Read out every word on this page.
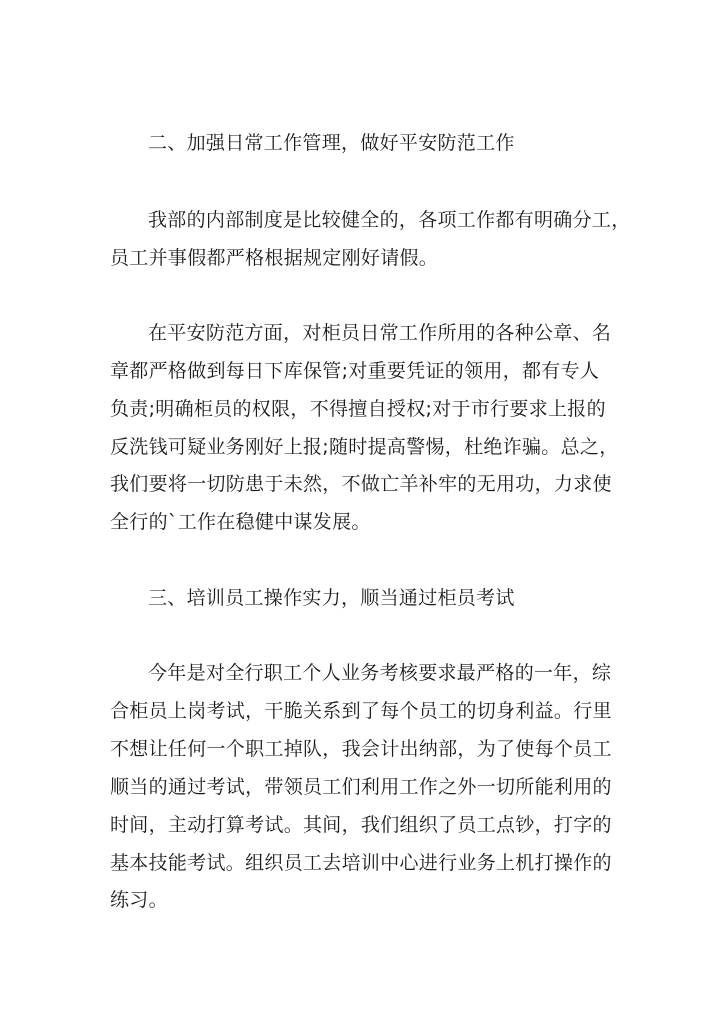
二、加强日常工作管理，做好平安防范工作
我部的内部制度是比较健全的，各项工作都有明确分工，
员工并事假都严格根据规定刚好请假。
在平安防范方面，对柜员日常工作所用的各种公章、名
章都严格做到每日下库保管;对重要凭证的领用，都有专人
负责;明确柜员的权限，不得擅自授权;对于市行要求上报的
反洗钱可疑业务刚好上报;随时提高警惕，杜绝诈骗。总之，
我们要将一切防患于未然，不做亡羊补牢的无用功，力求使
全行的`工作在稳健中谋发展。
三、培训员工操作实力，顺当通过柜员考试
今年是对全行职工个人业务考核要求最严格的一年，综
合柜员上岗考试，干脆关系到了每个员工的切身利益。行里
不想让任何一个职工掉队，我会计出纳部，为了使每个员工
顺当的通过考试，带领员工们利用工作之外一切所能利用的
时间，主动打算考试。其间，我们组织了员工点钞，打字的
基本技能考试。组织员工去培训中心进行业务上机打操作的
练习。
